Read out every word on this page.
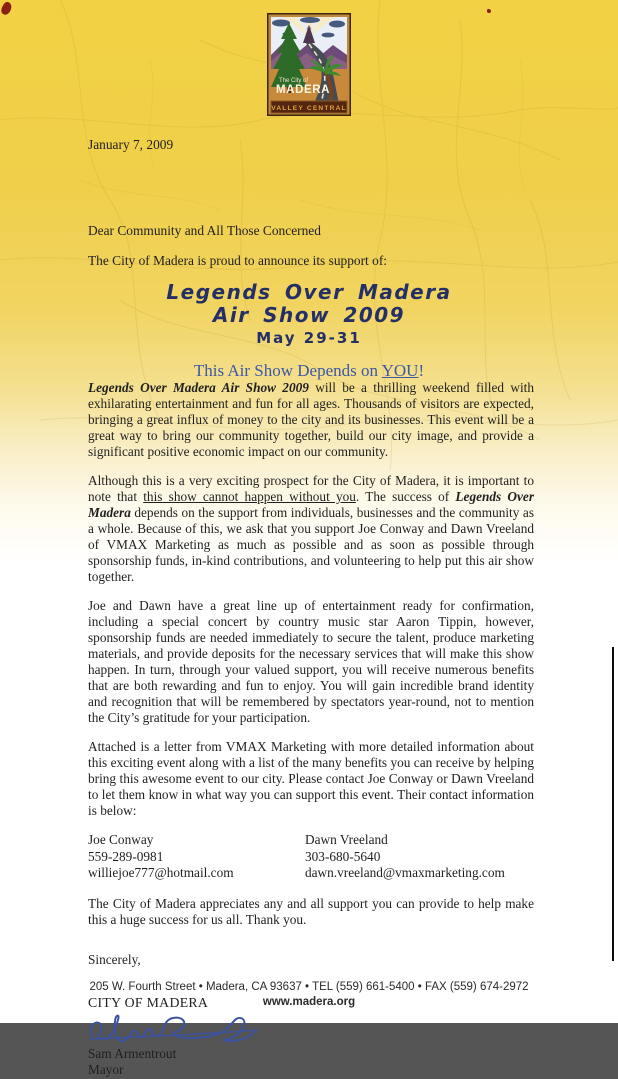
The City of
MADERA
VALLEY CENTRAL
January 7, 2009
Dear Community and All Those Concerned
The City of Madera is proud to announce its support of:
Legends Over Madera
Air Show 2009
May 29-31
This Air Show Depends on YOU!

Legends Over Madera Air Show 2009 will be a thrilling weekend filled with exhilarating entertainment and fun for all ages. Thousands of visitors are expected, bringing a great influx of money to the city and its businesses. This event will be a great way to bring our community together, build our city image, and provide a significant positive economic impact on our community.

Although this is a very exciting prospect for the City of Madera, it is important to note that this show cannot happen without you. The success of Legends Over Madera depends on the support from individuals, businesses and the community as a whole. Because of this, we ask that you support Joe Conway and Dawn Vreeland of VMAX Marketing as much as possible and as soon as possible through sponsorship funds, in-kind contributions, and volunteering to help put this air show together.

Joe and Dawn have a great line up of entertainment ready for confirmation, including a special concert by country music star Aaron Tippin, however, sponsorship funds are needed immediately to secure the talent, produce marketing materials, and provide deposits for the necessary services that will make this show happen. In turn, through your valued support, you will receive numerous benefits that are both rewarding and fun to enjoy. You will gain incredible brand identity and recognition that will be remembered by spectators year-round, not to mention the City’s gratitude for your participation.

Attached is a letter from VMAX Marketing with more detailed information about this exciting event along with a list of the many benefits you can receive by helping bring this awesome event to our city. Please contact Joe Conway or Dawn Vreeland to let them know in what way you can support this event. Their contact information is below:

Joe Conway
559-289-0981
williejoe777@hotmail.com
Dawn Vreeland
303-680-5640
dawn.vreeland@vmaxmarketing.com

The City of Madera appreciates any and all support you can provide to help make this a huge success for us all. Thank you.

Sincerely,
CITY OF MADERA
Sam Armentrout
Mayor
205 W. Fourth Street • Madera, CA 93637 • TEL (559) 661-5400 • FAX (559) 674-2972
www.madera.org
